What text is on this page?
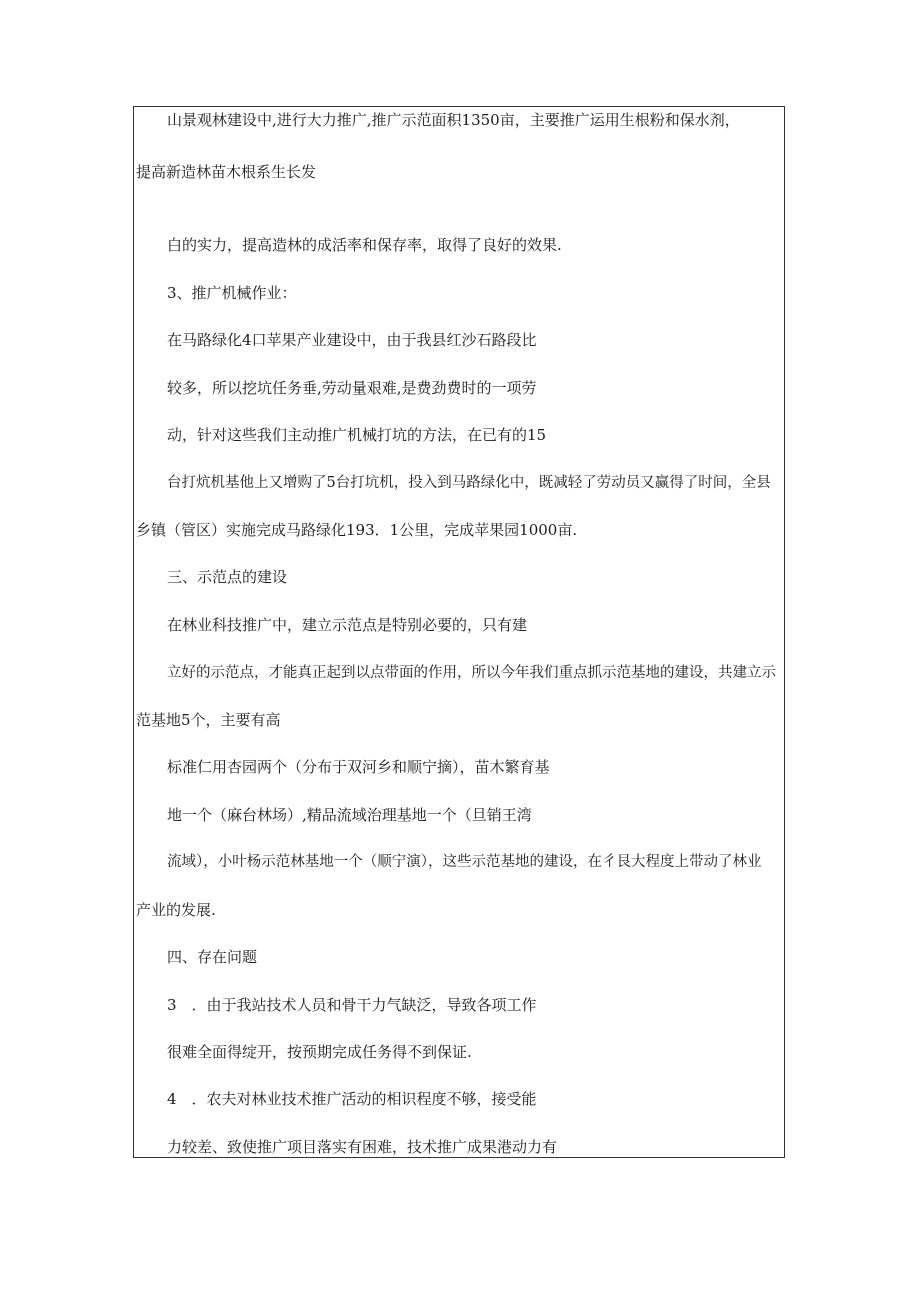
山景观林建设中,进行大力推广,推广示范面积1350亩，主要推广运用生根粉和保水剂，
提高新造林苗木根系生长发
白的实力，提高造林的成活率和保存率，取得了良好的效果.
3、推广机械作业：
在马路绿化4口苹果产业建设中，由于我县红沙石路段比
较多，所以挖坑任务垂,劳动量艰难,是费劲费时的一项劳
动，针对这些我们主动推广机械打坑的方法，在已有的15
台打炕机基他上又增购了5台打坑机，投入到马路绿化中，既减轻了劳动员又赢得了时间，全县
乡镇（管区）实施完成马路绿化193．1公里，完成苹果园1000亩.
三、示范点的建设
在林业科技推广中，建立示范点是特别必要的，只有建
立好的示范点，才能真正起到以点带面的作用，所以今年我们重点抓示范基地的建设，共建立示
范基地5个，主要有高
标准仁用杏园两个（分布于双河乡和顺宁摘），苗木繁育基
地一个（麻台林场）,精品流域治理基地一个（旦销王湾
流域），小叶杨示范林基地一个（顺宁演），这些示范基地的建设，在彳艮大程度上带动了林业
产业的发展.
四、存在问题
3　．由于我站技术人员和骨干力气缺泛，导致各项工作
很难全面得绽开，按预期完成任务得不到保证.
4　．农夫对林业技术推广活动的相识程度不够，接受能
力较差、致使推广项目落实有困难，技术推广成果港动力有
